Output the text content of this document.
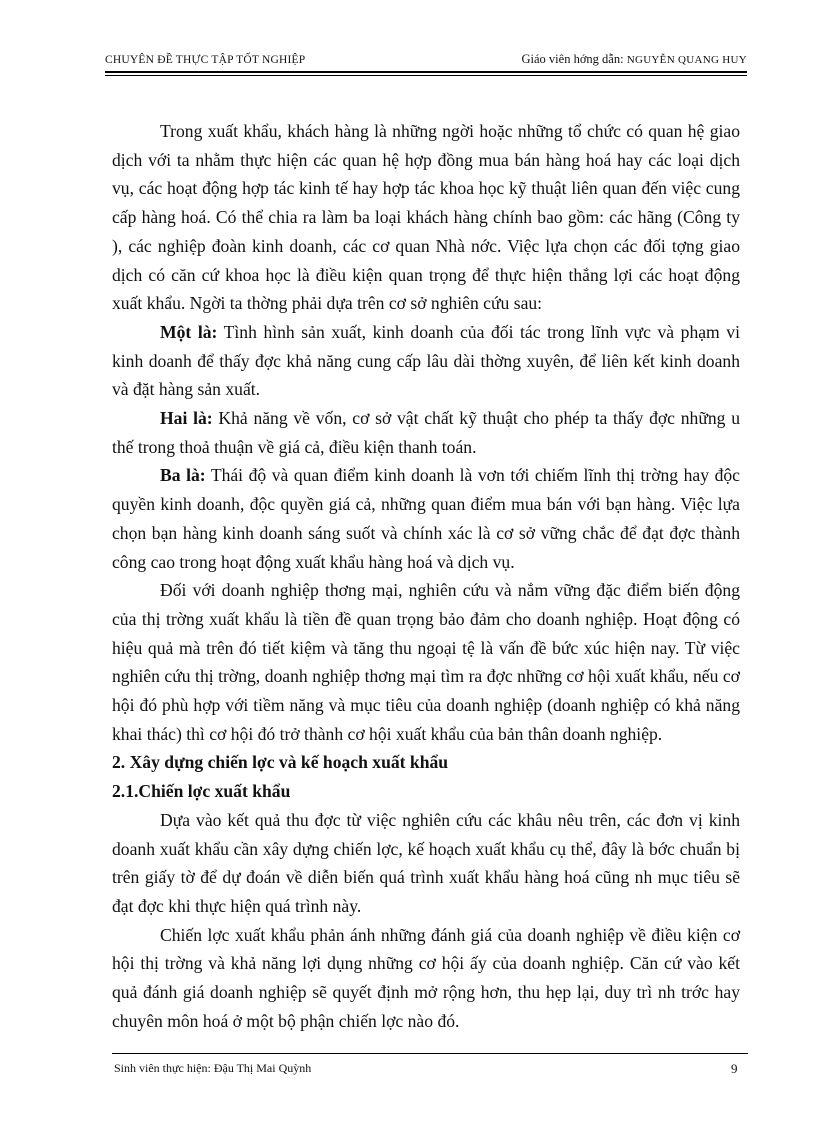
CHUYÊN ĐỀ THỰC TẬP TỐT NGHIỆP	Giáo viên hớng dẫn: NGUYỄN QUANG HUY

Trong xuất khẩu, khách hàng là những ngời hoặc những tổ chức có quan hệ giao dịch với ta nhằm thực hiện các quan hệ hợp đồng mua bán hàng hoá hay các loại dịch vụ, các hoạt động hợp tác kinh tế hay hợp tác khoa học kỹ thuật liên quan đến việc cung cấp hàng hoá. Có thể chia ra làm ba loại khách hàng chính bao gồm: các hãng (Công ty ), các nghiệp đoàn kinh doanh, các cơ quan Nhà nớc. Việc lựa chọn các đối tợng giao dịch có căn cứ khoa học là điều kiện quan trọng để thực hiện thắng lợi các hoạt động xuất khẩu. Ngời ta thờng phải dựa trên cơ sở nghiên cứu sau:

Một là: Tình hình sản xuất, kinh doanh của đối tác trong lĩnh vực và phạm vi kinh doanh để thấy đợc khả năng cung cấp lâu dài thờng xuyên, để liên kết kinh doanh và đặt hàng sản xuất.

Hai là: Khả năng về vốn, cơ sở vật chất kỹ thuật cho phép ta thấy đợc những u thế trong thoả thuận về giá cả, điều kiện thanh toán.

Ba là: Thái độ và quan điểm kinh doanh là vơn tới chiếm lĩnh thị trờng hay độc quyền kinh doanh, độc quyền giá cả, những quan điểm mua bán với bạn hàng. Việc lựa chọn bạn hàng kinh doanh sáng suốt và chính xác là cơ sở vững chắc để đạt đợc thành công cao trong hoạt động xuất khẩu hàng hoá và dịch vụ.

Đối với doanh nghiệp thơng mại, nghiên cứu và nắm vững đặc điểm biến động của thị trờng xuất khẩu là tiền đề quan trọng bảo đảm cho doanh nghiệp. Hoạt động có hiệu quả mà trên đó tiết kiệm và tăng thu ngoại tệ là vấn đề bức xúc hiện nay. Từ việc nghiên cứu thị trờng, doanh nghiệp thơng mại tìm ra đợc những cơ hội xuất khẩu, nếu cơ hội đó phù hợp với tiềm năng và mục tiêu của doanh nghiệp (doanh nghiệp có khả năng khai thác) thì cơ hội đó trở thành cơ hội xuất khẩu của bản thân doanh nghiệp.

2. Xây dựng chiến lợc và kế hoạch xuất khẩu

2.1.Chiến lợc xuất khẩu

Dựa vào kết quả thu đợc từ việc nghiên cứu các khâu nêu trên, các đơn vị kinh doanh xuất khẩu cần xây dựng chiến lợc, kế hoạch xuất khẩu cụ thể, đây là bớc chuẩn bị trên giấy tờ để dự đoán về diễn biến quá trình xuất khẩu hàng hoá cũng nh mục tiêu sẽ đạt đợc khi thực hiện quá trình này.

Chiến lợc xuất khẩu phản ánh những đánh giá của doanh nghiệp về điều kiện cơ hội thị trờng và khả năng lợi dụng những cơ hội ấy của doanh nghiệp. Căn cứ vào kết quả đánh giá doanh nghiệp sẽ quyết định mở rộng hơn, thu hẹp lại, duy trì nh trớc hay chuyên môn hoá ở một bộ phận chiến lợc nào đó.

Sinh viên thực hiện: Đậu Thị Mai Quỳnh	9
